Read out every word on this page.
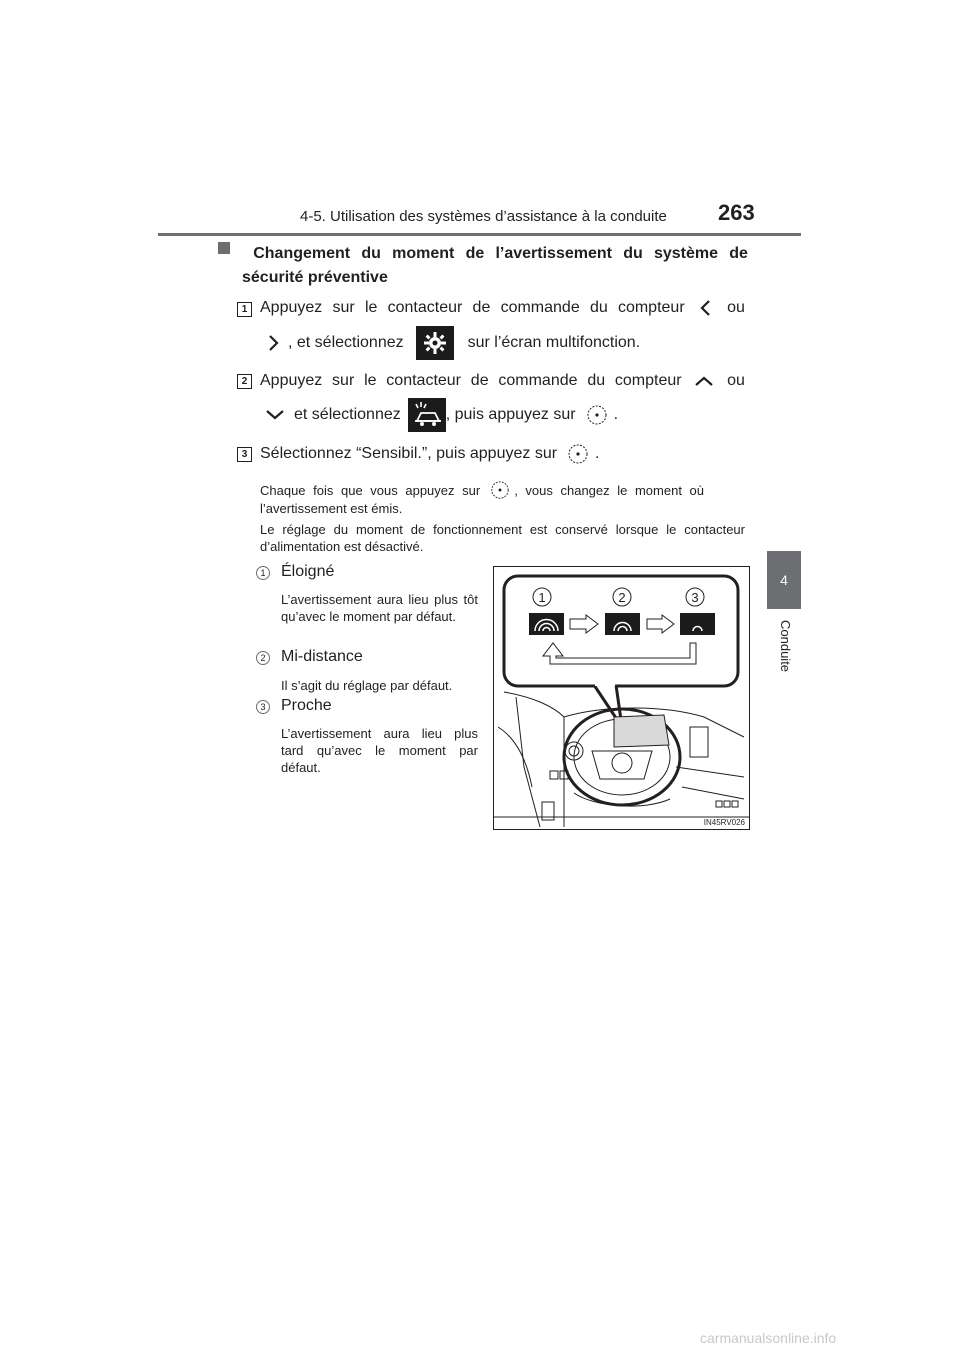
4-5. Utilisation des systèmes d’assistance à la conduite 263
4
Conduite
Changement du moment de l’avertissement du système de
sécurité préventive
1 Appuyez sur le contacteur de commande du compteur	ou
, et sélectionnez	sur l’écran multifonction.
2 Appuyez sur le contacteur de commande du compteur	ou
et sélectionnez	, puis appuyez sur .
3 Sélectionnez “Sensibil.”, puis appuyez sur .
Chaque fois que vous appuyez sur	, vous changez le moment où
l’avertissement est émis.
Le réglage du moment de fonctionnement est conservé lorsque le contacteur d’alimentation est désactivé.
1 Éloigné
L’avertissement aura lieu plus tôt qu’avec le moment par défaut.
2 Mi-distance
Il s’agit du réglage par défaut.
3 Proche
L’avertissement aura lieu plus tard qu’avec le moment par défaut.
1	2	3
IN45RV026
carmanualsonline.info
